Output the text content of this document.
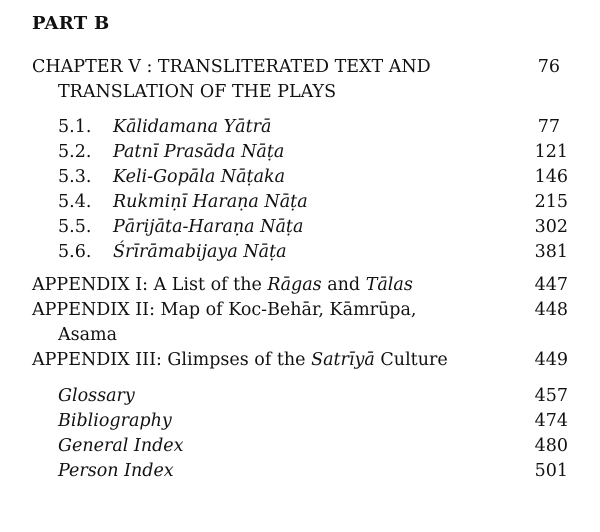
PART B
CHAPTER V : TRANSLITERATED TEXT AND	76
TRANSLATION OF THE PLAYS
5.1. Kālidamana Yātrā	77
5.2. Patnī Prasāda Nāṭa	121
5.3. Keli-Gopāla Nāṭaka	146
5.4. Rukmiṇī Haraṇa Nāṭa	215
5.5. Pārijāta-Haraṇa Nāṭa	302
5.6. Śrīrāmabijaya Nāṭa	381
APPENDIX I: A List of the Rāgas and Tālas	447
APPENDIX II: Map of Koc-Behār, Kāmrūpa,	448
Asama
APPENDIX III: Glimpses of the Satrīyā Culture	449
Glossary	457
Bibliography	474
General Index	480
Person Index	501
